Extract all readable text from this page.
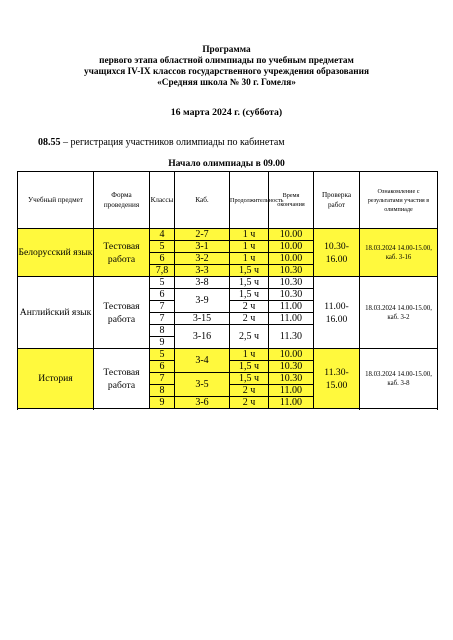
Программа
первого этапа областной олимпиады по учебным предметам
учащихся IV-IX классов государственного учреждения образования
«Средняя школа № 30 г. Гомеля»
16 марта 2024 г. (суббота)
08.55 – регистрация участников олимпиады по кабинетам
Начало олимпиады в 09.00
Учебный предмет	Форма проведения	Классы	Каб.	Продолжительность	Время окончания	Проверка работ	Ознакомление с результатами участия в олимпиаде
Белорусский язык	Тестовая работа	4	2-7	1 ч	10.00	10.30-16.00	18.03.2024 14.00-15.00, каб. 3-16
		5	3-1	1 ч	10.00		
		6	3-2	1 ч	10.00		
		7,8	3-3	1,5 ч	10.30		

Английский язык	Тестовая работа	5	3-8	1,5 ч	10.30	11.00-16.00	18.03.2024 14.00-15.00, каб. 3-2
		6	3-9	1,5 ч	10.30		
		7		2 ч	11.00		
		7	3-15	2 ч	11.00		
		8	3-16	2,5 ч	11.30		
		9					

История	Тестовая работа	5	3-4	1 ч	10.00	11.30-15.00	18.03.2024 14.00-15.00, каб. 3-8
		6		1,5 ч	10.30		
		7	3-5	1,5 ч	10.30		
		8		2 ч	11.00		
		9	3-6	2 ч	11.00		
